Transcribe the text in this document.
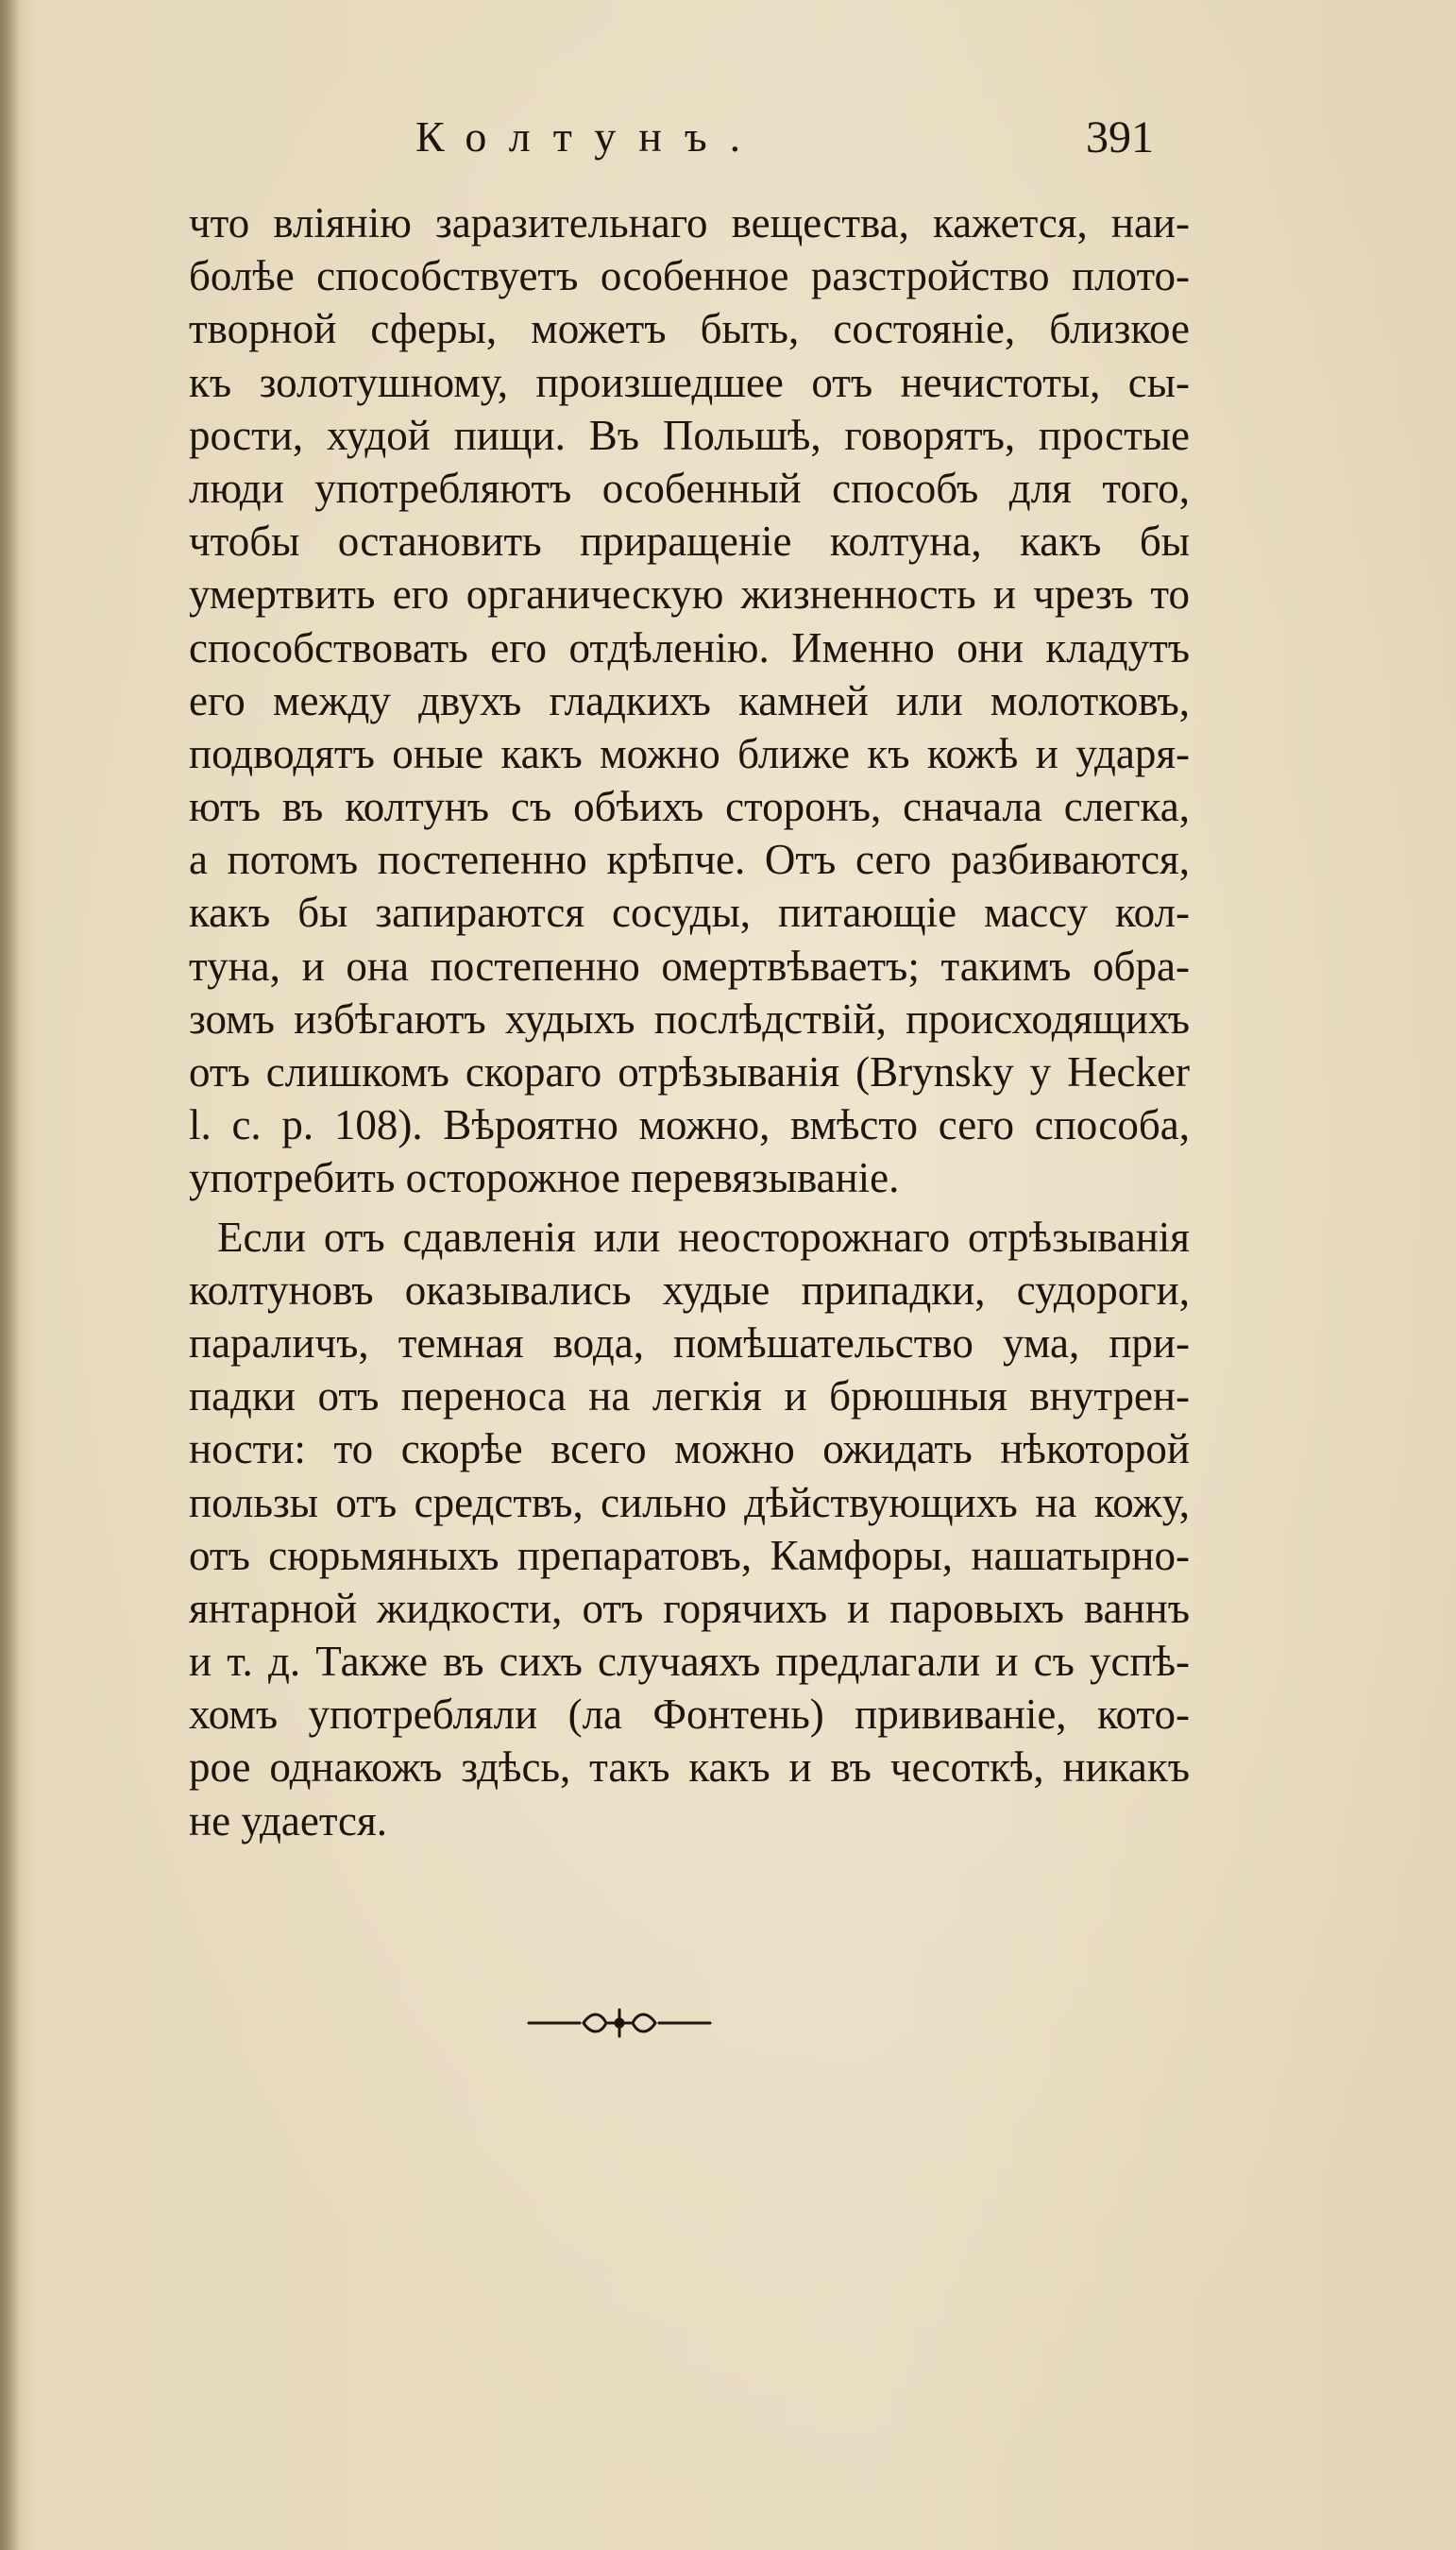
Колтунъ.	391
что вліянію заразительнаго вещества, кажется, наи-
болѣе способствуетъ особенное разстройство плото-
творной сферы, можетъ быть, состояніе, близкое
къ золотушному, произшедшее отъ нечистоты, сы-
рости, худой пищи. Въ Польшѣ, говорятъ, простые
люди употребляютъ особенный способъ для того,
чтобы остановить приращеніе колтуна, какъ бы
умертвить его органическую жизненность и чрезъ то
способствовать его отдѣленію. Именно они кладутъ
его между двухъ гладкихъ камней или молотковъ,
подводятъ оные какъ можно ближе къ кожѣ и ударя-
ютъ въ колтунъ съ обѣихъ сторонъ, сначала слегка,
а потомъ постепенно крѣпче. Отъ сего разбиваются,
какъ бы запираются сосуды, питающіе массу кол-
туна, и она постепенно омертвѣваетъ; такимъ обра-
зомъ избѣгаютъ худыхъ послѣдствій, происходящихъ
отъ слишкомъ скораго отрѣзыванія (Brynsky y Hecker
l. c. p. 108). Вѣроятно можно, вмѣсто сего способа,
употребить осторожное перевязываніе.
Если отъ сдавленія или неосторожнаго отрѣзыванія
колтуновъ оказывались худые припадки, судороги,
параличъ, темная вода, помѣшательство ума, при-
падки отъ переноса на легкія и брюшныя внутрен-
ности: то скорѣе всего можно ожидать нѣкоторой
пользы отъ средствъ, сильно дѣйствующихъ на кожу,
отъ сюрьмяныхъ препаратовъ, Камфоры, нашатырно-
янтарной жидкости, отъ горячихъ и паровыхъ ваннъ
и т. д. Также въ сихъ случаяхъ предлагали и съ успѣ-
хомъ употребляли (ла Фонтень) прививаніе, кото-
рое однакожъ здѣсь, такъ какъ и въ чесоткѣ, никакъ
не удается.
